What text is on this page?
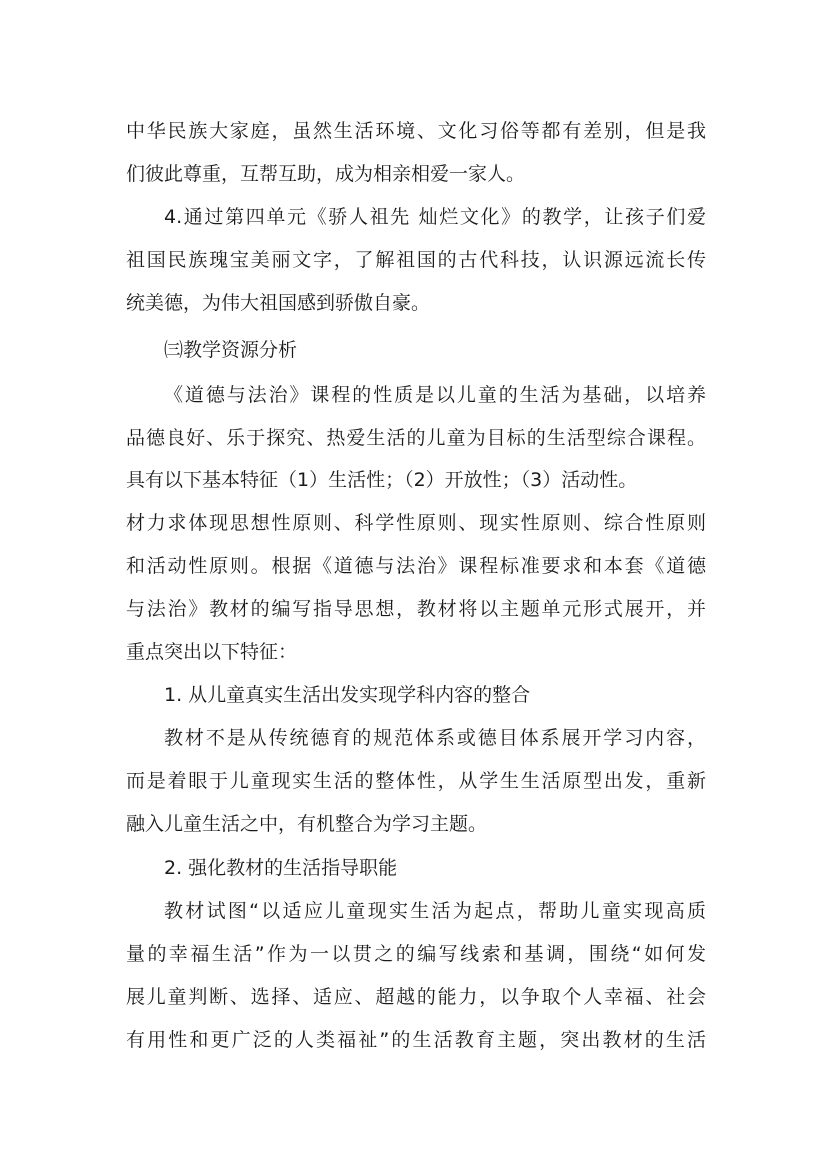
中华民族大家庭，虽然生活环境、文化习俗等都有差别，但是我
们彼此尊重，互帮互助，成为相亲相爱一家人。
4.通过第四单元《骄人祖先 灿烂文化》的教学，让孩子们爱
祖国民族瑰宝美丽文字，了解祖国的古代科技，认识源远流长传
统美德，为伟大祖国感到骄傲自豪。
㈢教学资源分析
《道德与法治》课程的性质是以儿童的生活为基础，以培养
品德良好、乐于探究、热爱生活的儿童为目标的生活型综合课程。
具有以下基本特征（1）生活性；（2）开放性；（3）活动性。
材力求体现思想性原则、科学性原则、现实性原则、综合性原则
和活动性原则。根据《道德与法治》课程标准要求和本套《道德
与法治》教材的编写指导思想，教材将以主题单元形式展开，并
重点突出以下特征：
1. 从儿童真实生活出发实现学科内容的整合
教材不是从传统德育的规范体系或德目体系展开学习内容，
而是着眼于儿童现实生活的整体性，从学生生活原型出发，重新
融入儿童生活之中，有机整合为学习主题。
2. 强化教材的生活指导职能
教材试图“以适应儿童现实生活为起点，帮助儿童实现高质
量的幸福生活”作为一以贯之的编写线索和基调，围绕“如何发
展儿童判断、选择、适应、超越的能力，以争取个人幸福、社会
有用性和更广泛的人类福祉”的生活教育主题，突出教材的生活
